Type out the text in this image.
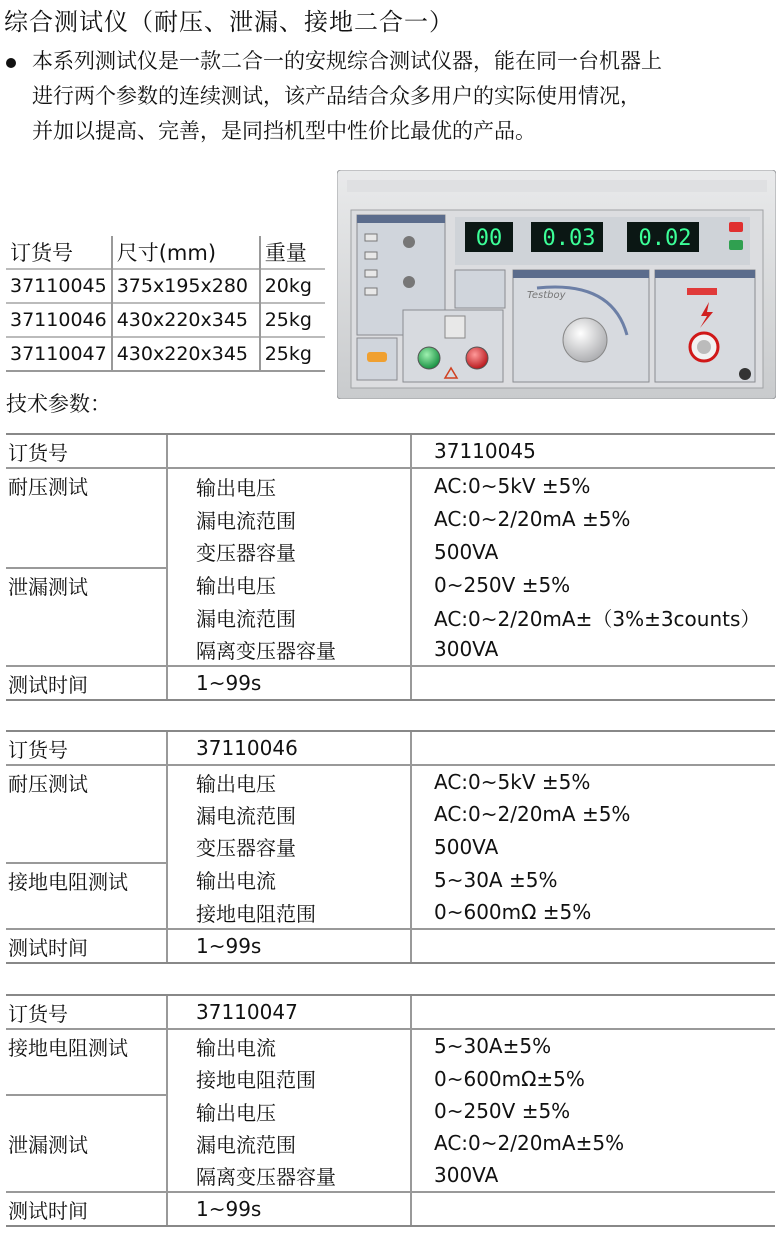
综合测试仪（耐压、泄漏、接地二合一）
本系列测试仪是一款二合一的安规综合测试仪器，能在同一台机器上
进行两个参数的连续测试，该产品结合众多用户的实际使用情况，
并加以提高、完善，是同挡机型中性价比最优的产品。
订货号	尺寸(mm)	重量
37110045	375x195x280	20kg
37110046	430x220x345	25kg
37110047	430x220x345	25kg
00 0.03 0.02
Testboy
技术参数：
订货号		37110045
耐压测试	输出电压	AC:0~5kV ±5%
	漏电流范围	AC:0~2/20mA ±5%
	变压器容量	500VA
泄漏测试	输出电压	0~250V ±5%
	漏电流范围	AC:0~2/20mA±（3%±3counts）
	隔离变压器容量	300VA
测试时间	1~99s	
订货号	37110046	
耐压测试	输出电压	AC:0~5kV ±5%
	漏电流范围	AC:0~2/20mA ±5%
	变压器容量	500VA
接地电阻测试	输出电流	5~30A ±5%
	接地电阻范围	0~600mΩ ±5%
测试时间	1~99s	
订货号	37110047	
接地电阻测试	输出电流	5~30A±5%
	接地电阻范围	0~600mΩ±5%
泄漏测试	输出电压	0~250V ±5%
	漏电流范围	AC:0~2/20mA±5%
	隔离变压器容量	300VA
测试时间	1~99s	
